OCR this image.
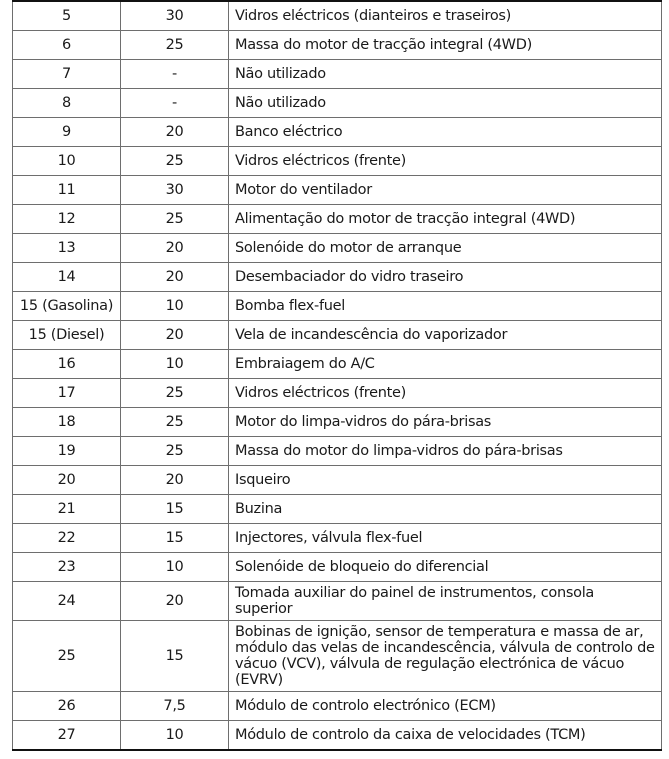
5	30	Vidros eléctricos (dianteiros e traseiros)
6	25	Massa do motor de tracção integral (4WD)
7	-	Não utilizado
8	-	Não utilizado
9	20	Banco eléctrico
10	25	Vidros eléctricos (frente)
11	30	Motor do ventilador
12	25	Alimentação do motor de tracção integral (4WD)
13	20	Solenóide do motor de arranque
14	20	Desembaciador do vidro traseiro
15 (Gasolina)	10	Bomba flex-fuel
15 (Diesel)	20	Vela de incandescência do vaporizador
16	10	Embraiagem do A/C
17	25	Vidros eléctricos (frente)
18	25	Motor do limpa-vidros do pára-brisas
19	25	Massa do motor do limpa-vidros do pára-brisas
20	20	Isqueiro
21	15	Buzina
22	15	Injectores, válvula flex-fuel
23	10	Solenóide de bloqueio do diferencial
24	20	Tomada auxiliar do painel de instrumentos, consola superior
25	15	Bobinas de ignição, sensor de temperatura e massa de ar, módulo das velas de incandescência, válvula de controlo de vácuo (VCV), válvula de regulação electrónica de vácuo (EVRV)
26	7,5	Módulo de controlo electrónico (ECM)
27	10	Módulo de controlo da caixa de velocidades (TCM)
